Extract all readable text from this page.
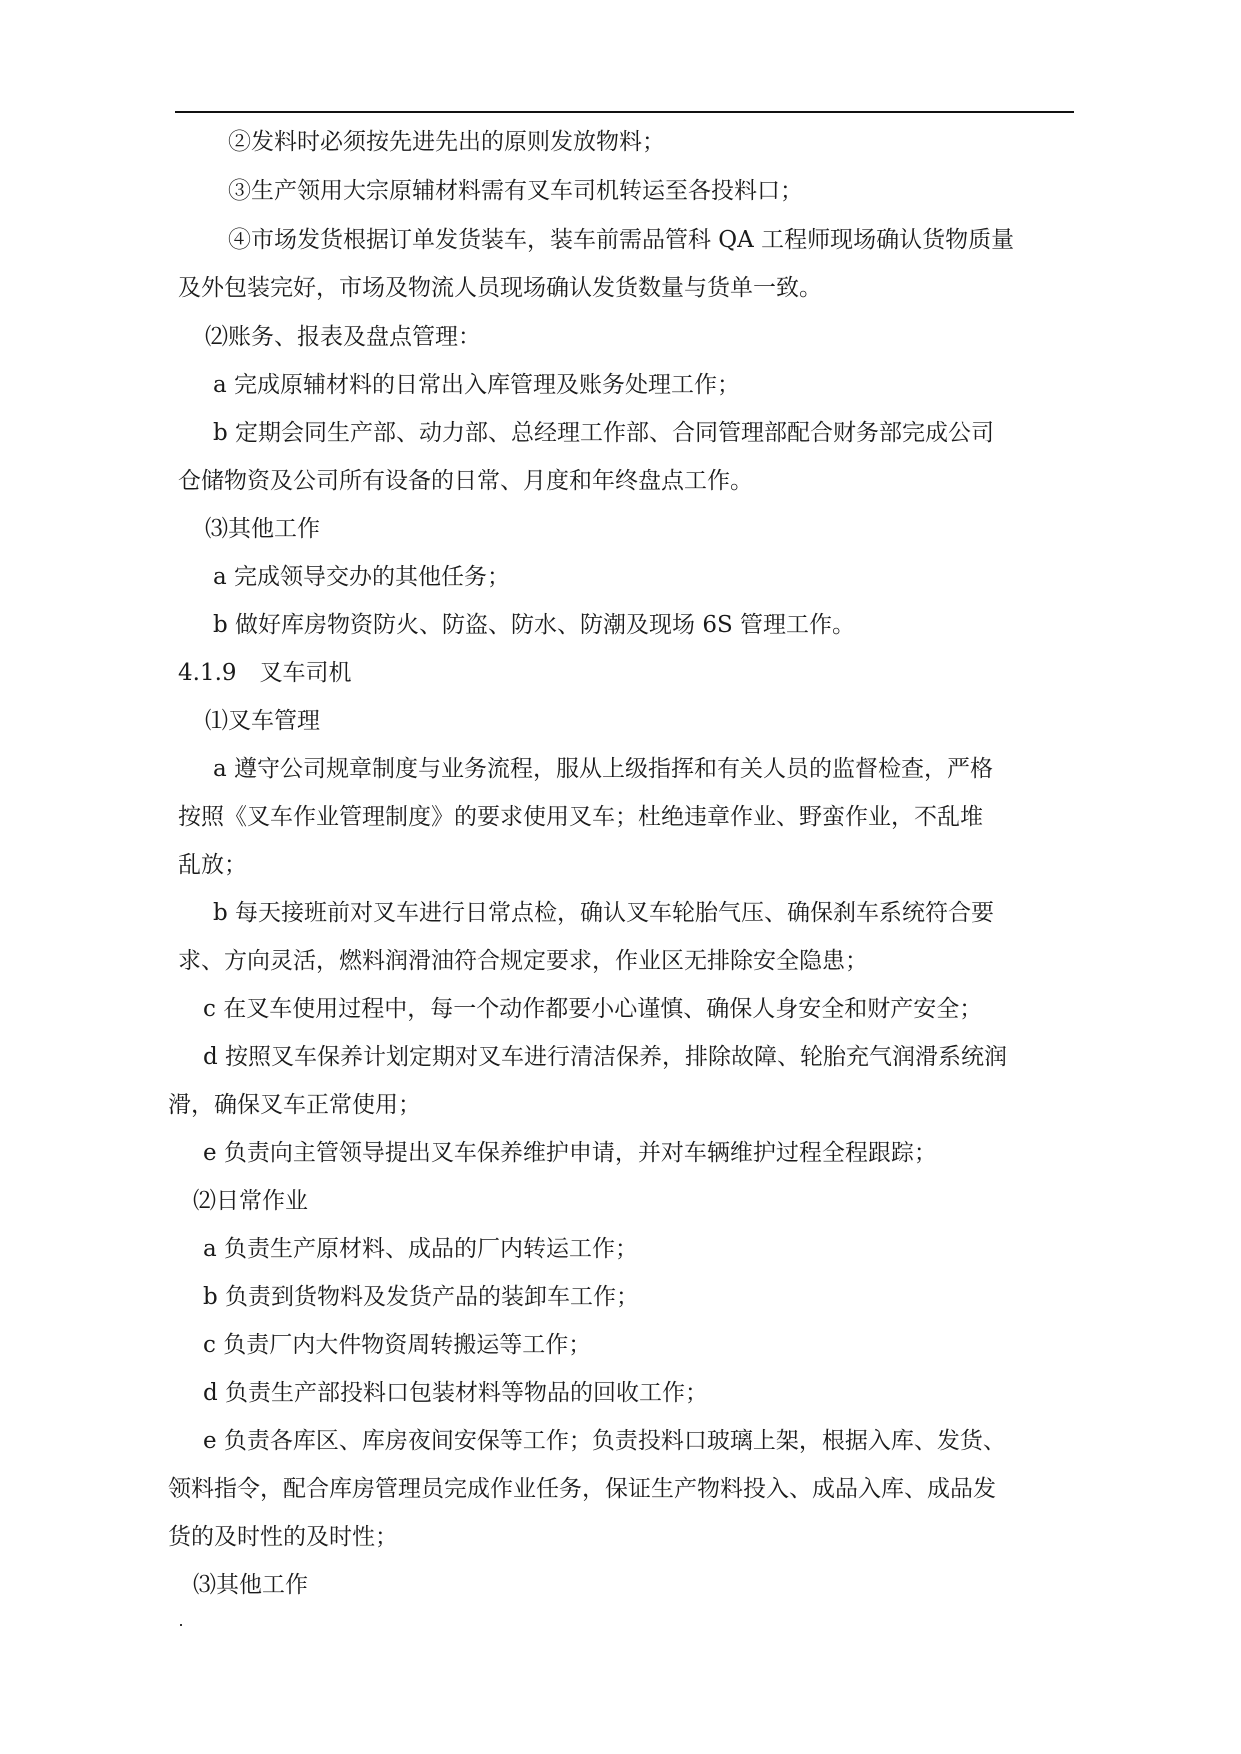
②发料时必须按先进先出的原则发放物料；
③生产领用大宗原辅材料需有叉车司机转运至各投料口；
④市场发货根据订单发货装车，装车前需品管科 QA 工程师现场确认货物质量
及外包装完好，市场及物流人员现场确认发货数量与货单一致。
⑵账务、报表及盘点管理：
a 完成原辅材料的日常出入库管理及账务处理工作；
b 定期会同生产部、动力部、总经理工作部、合同管理部配合财务部完成公司
仓储物资及公司所有设备的日常、月度和年终盘点工作。
⑶其他工作
a 完成领导交办的其他任务；
b 做好库房物资防火、防盗、防水、防潮及现场 6S 管理工作。
4.1.9　叉车司机
⑴叉车管理
a 遵守公司规章制度与业务流程，服从上级指挥和有关人员的监督检查，严格
按照《叉车作业管理制度》的要求使用叉车；杜绝违章作业、野蛮作业，不乱堆
乱放；
b 每天接班前对叉车进行日常点检，确认叉车轮胎气压、确保刹车系统符合要
求、方向灵活，燃料润滑油符合规定要求，作业区无排除安全隐患；
c 在叉车使用过程中，每一个动作都要小心谨慎、确保人身安全和财产安全；
d 按照叉车保养计划定期对叉车进行清洁保养，排除故障、轮胎充气润滑系统润
滑，确保叉车正常使用；
e 负责向主管领导提出叉车保养维护申请，并对车辆维护过程全程跟踪；
⑵日常作业
a 负责生产原材料、成品的厂内转运工作；
b 负责到货物料及发货产品的装卸车工作；
c 负责厂内大件物资周转搬运等工作；
d 负责生产部投料口包装材料等物品的回收工作；
e 负责各库区、库房夜间安保等工作；负责投料口玻璃上架，根据入库、发货、
领料指令，配合库房管理员完成作业任务，保证生产物料投入、成品入库、成品发
货的及时性的及时性；
⑶其他工作
